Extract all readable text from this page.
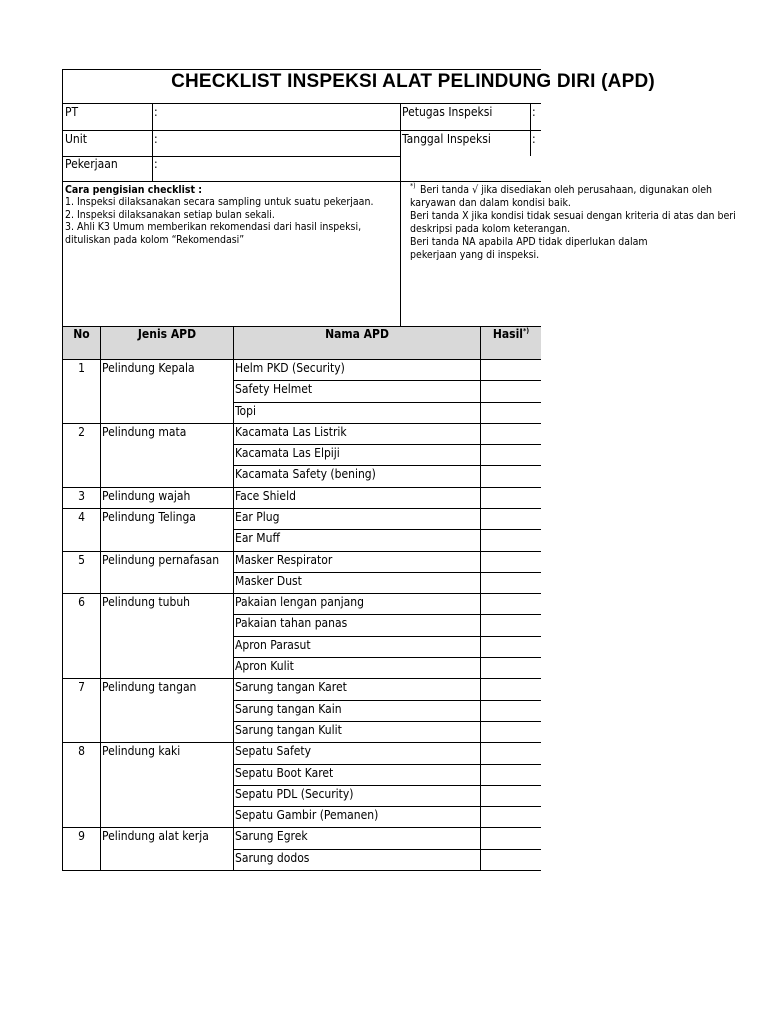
CHECKLIST INSPEKSI ALAT PELINDUNG DIRI (APD)
PT	:
Unit	:
Pekerjaan	:
Petugas Inspeksi	:
Tanggal Inspeksi	:
Cara pengisian checklist :
1. Inspeksi dilaksanakan secara sampling untuk suatu pekerjaan.
2. Inspeksi dilaksanakan setiap bulan sekali.
3. Ahli K3 Umum memberikan rekomendasi dari hasil inspeksi,
dituliskan pada kolom “Rekomendasi”
*) Beri tanda √ jika disediakan oleh perusahaan, digunakan oleh
karyawan dan dalam kondisi baik.
Beri tanda X jika kondisi tidak sesuai dengan kriteria di atas dan beri
deskripsi pada kolom keterangan.
Beri tanda NA apabila APD tidak diperlukan dalam
pekerjaan yang di inspeksi.
No	Jenis APD	Nama APD	Hasil*)
1	Pelindung Kepala	Helm PKD (Security)
Safety Helmet
Topi
2	Pelindung mata	Kacamata Las Listrik
Kacamata Las Elpiji
Kacamata Safety (bening)
3	Pelindung wajah	Face Shield
4	Pelindung Telinga	Ear Plug
Ear Muff
5	Pelindung pernafasan	Masker Respirator
Masker Dust
6	Pelindung tubuh	Pakaian lengan panjang
Pakaian tahan panas
Apron Parasut
Apron Kulit
7	Pelindung tangan	Sarung tangan Karet
Sarung tangan Kain
Sarung tangan Kulit
8	Pelindung kaki	Sepatu Safety
Sepatu Boot Karet
Sepatu PDL (Security)
Sepatu Gambir (Pemanen)
9	Pelindung alat kerja	Sarung Egrek
Sarung dodos
